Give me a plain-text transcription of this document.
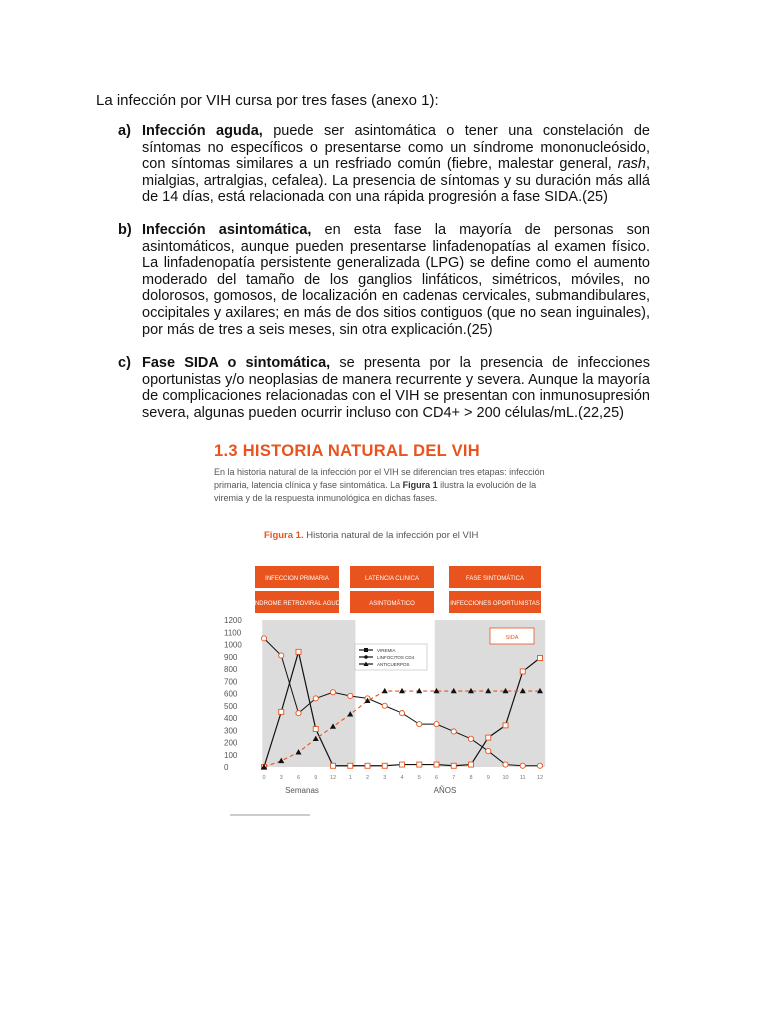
La infección por VIH cursa por tres fases (anexo 1):

a) Infección aguda, puede ser asintomática o tener una constelación de síntomas no específicos o presentarse como un síndrome mononucleósido, con síntomas similares a un resfriado común (fiebre, malestar general, rash, mialgias, artralgias, cefalea). La presencia de síntomas y su duración más allá de 14 días, está relacionada con una rápida progresión a fase SIDA.(25)

b) Infección asintomática, en esta fase la mayoría de personas son asintomáticos, aunque pueden presentarse linfadenopatías al examen físico. La linfadenopatía persistente generalizada (LPG) se define como el aumento moderado del tamaño de los ganglios linfáticos, simétricos, móviles, no dolorosos, gomosos, de localización en cadenas cervicales, submandibulares, occipitales y axilares; en más de dos sitios contiguos (que no sean inguinales), por más de tres a seis meses, sin otra explicación.(25)

c) Fase SIDA o sintomática, se presenta por la presencia de infecciones oportunistas y/o neoplasias de manera recurrente y severa. Aunque la mayoría de complicaciones relacionadas con el VIH se presentan con inmunosupresión severa, algunas pueden ocurrir incluso con CD4+ > 200 células/mL.(22,25)

1.3 HISTORIA NATURAL DEL VIH

En la historia natural de la infección por el VIH se diferencian tres etapas: infección primaria, latencia clínica y fase sintomática. La Figura 1 ilustra la evolución de la viremia y de la respuesta inmunológica en dichas fases.

Figura 1. Historia natural de la infección por el VIH

INFECCION PRIMARIA
SINDROME RETROVIRAL AGUDO
LATENCIA CLINICA
ASINTOMÁTICO
FASE SINTOMÁTICA
INFECCIONES OPORTUNISTAS
1200
1100
1000
900
800
700
600
500
400
300
200
100
0
0	3	6	9 12 1	2	3	4	5	6	7	8	9 10 11 12
Semanas	AÑOS
SIDA
VIREMIA
LINFOCITOS CD4
ANTICUERPOS
